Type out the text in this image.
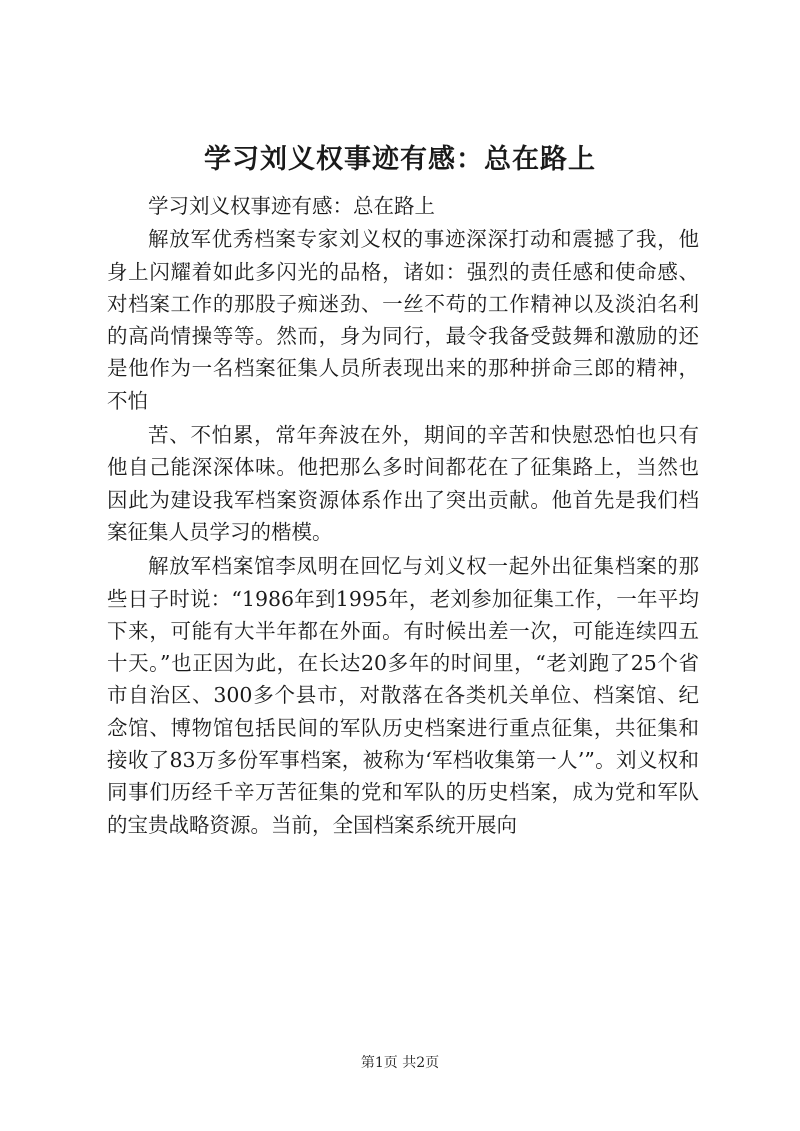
学习刘义权事迹有感：总在路上

学习刘义权事迹有感：总在路上

解放军优秀档案专家刘义权的事迹深深打动和震撼了我，他身上闪耀着如此多闪光的品格，诸如：强烈的责任感和使命感、对档案工作的那股子痴迷劲、一丝不苟的工作精神以及淡泊名利的高尚情操等等。然而，身为同行，最令我备受鼓舞和激励的还是他作为一名档案征集人员所表现出来的那种拼命三郎的精神，不怕

苦、不怕累，常年奔波在外，期间的辛苦和快慰恐怕也只有他自己能深深体味。他把那么多时间都花在了征集路上，当然也因此为建设我军档案资源体系作出了突出贡献。他首先是我们档案征集人员学习的楷模。

解放军档案馆李凤明在回忆与刘义权一起外出征集档案的那些日子时说：“1986年到1995年，老刘参加征集工作，一年平均下来，可能有大半年都在外面。有时候出差一次，可能连续四五十天。”也正因为此，在长达20多年的时间里，“老刘跑了25个省市自治区、300多个县市，对散落在各类机关单位、档案馆、纪念馆、博物馆包括民间的军队历史档案进行重点征集，共征集和接收了83万多份军事档案，被称为‘军档收集第一人’”。刘义权和同事们历经千辛万苦征集的党和军队的历史档案，成为党和军队的宝贵战略资源。当前，全国档案系统开展向

第1页 共2页
